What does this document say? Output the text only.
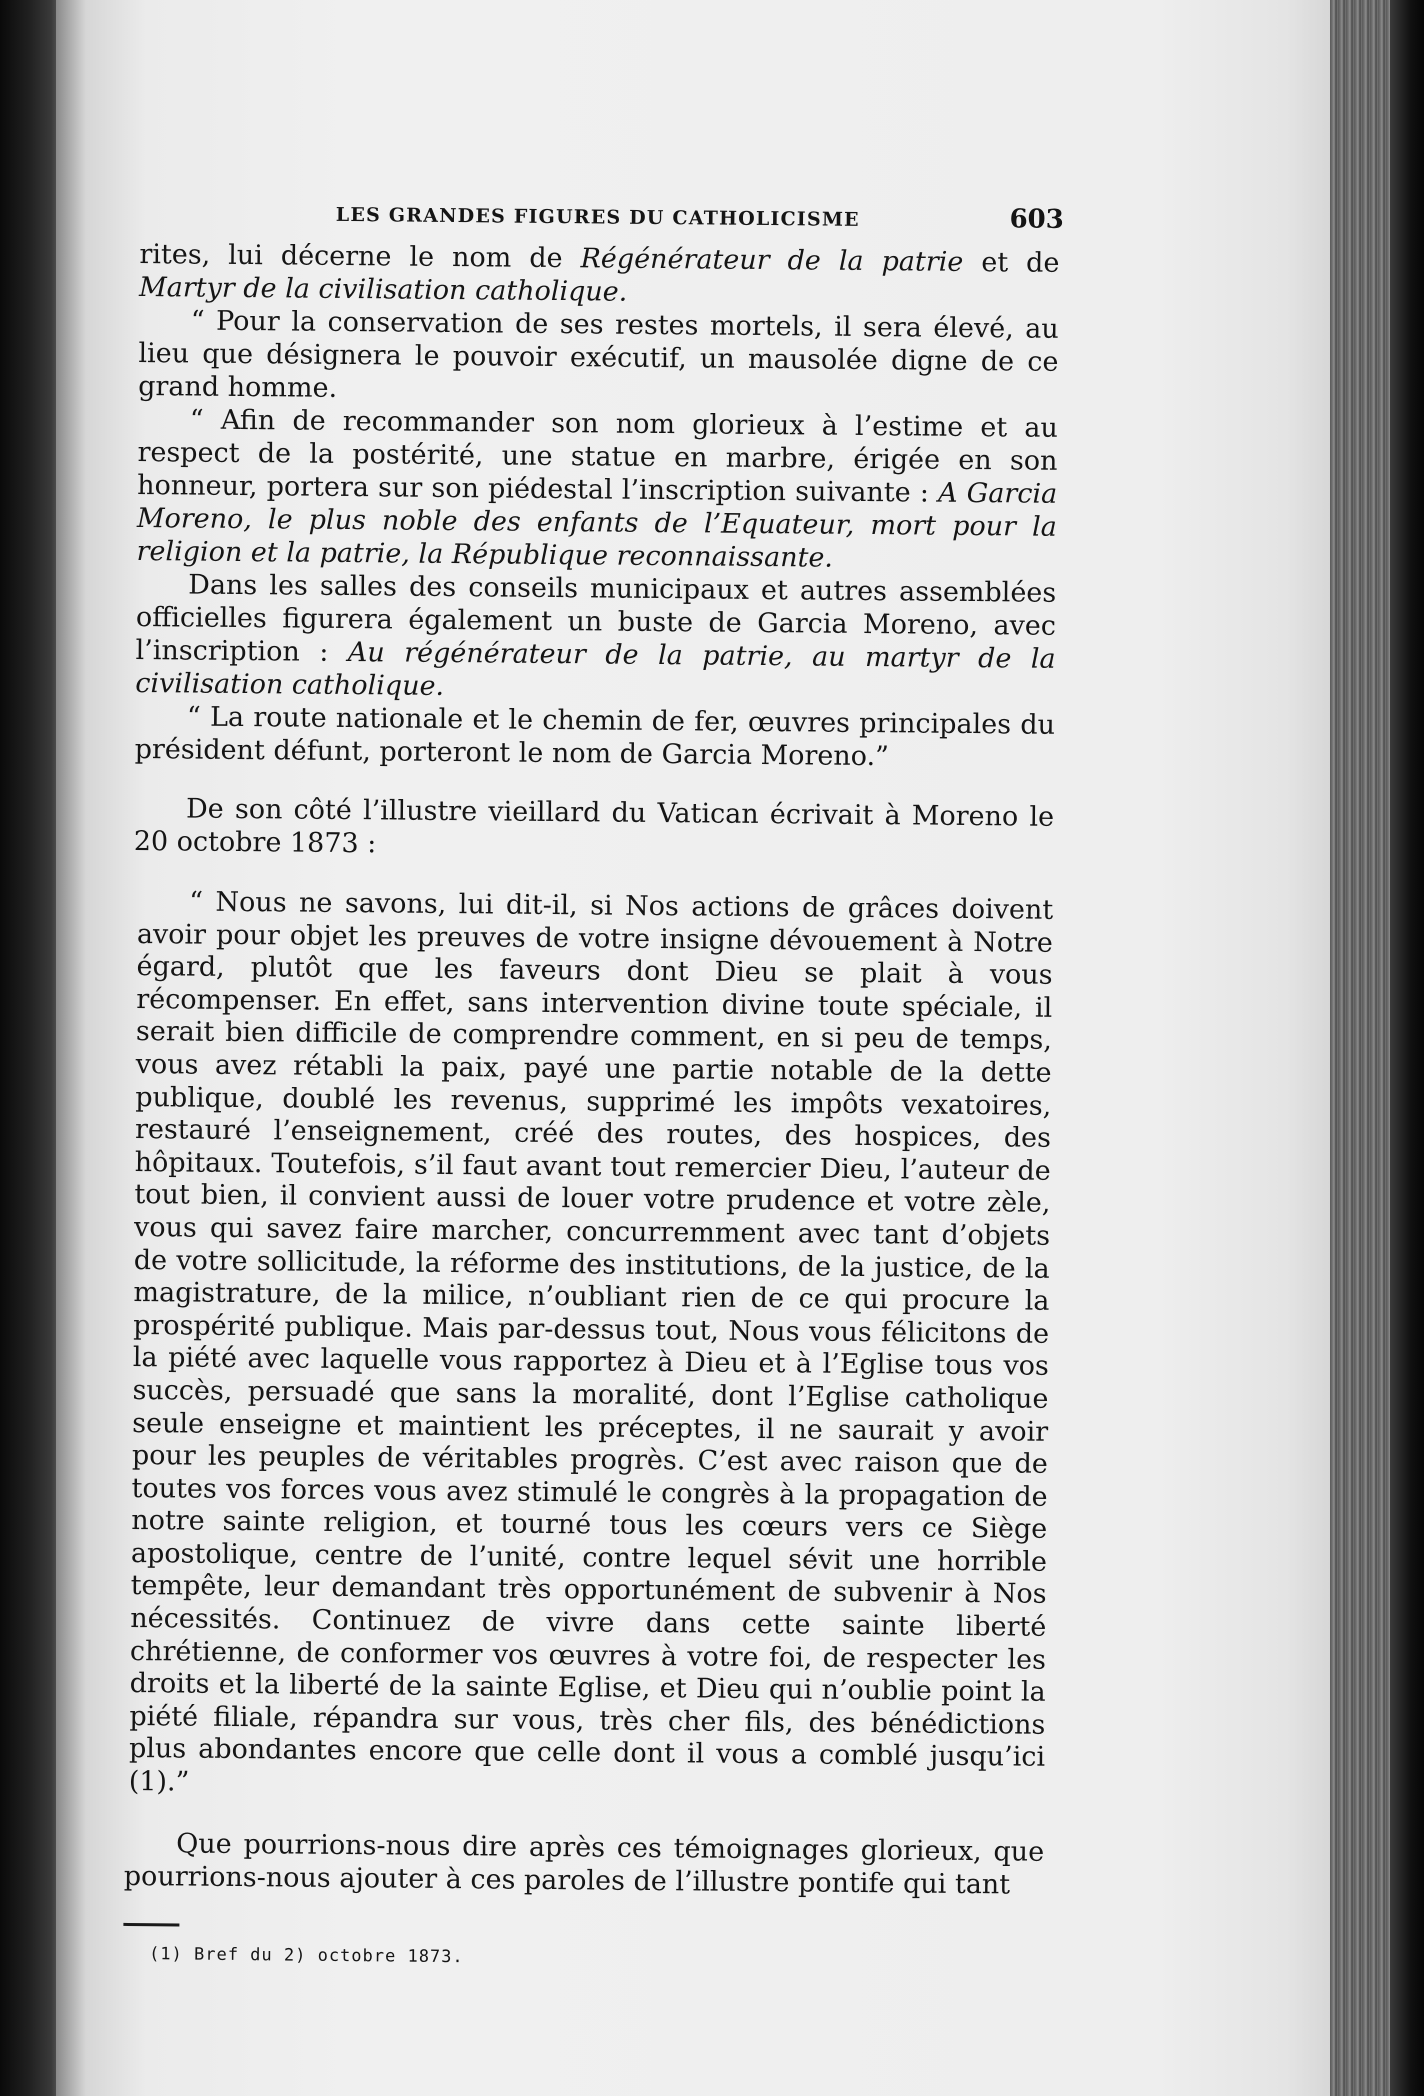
LES GRANDES FIGURES DU CATHOLICISME	603

rites, lui décerne le nom de Régénérateur de la patrie et de Martyr de la civilisation catholique.

“ Pour la conservation de ses restes mortels, il sera élevé, au lieu que désignera le pouvoir exécutif, un mausolée digne de ce grand homme.

“ Afin de recommander son nom glorieux à l’estime et au respect de la postérité, une statue en marbre, érigée en son honneur, portera sur son piédestal l’inscription suivante : A Garcia Moreno, le plus noble des enfants de l’Equateur, mort pour la religion et la patrie, la République reconnaissante.

Dans les salles des conseils municipaux et autres assemblées officielles figurera également un buste de Garcia Moreno, avec l’inscription : Au régénérateur de la patrie, au martyr de la civilisation catholique.

“ La route nationale et le chemin de fer, œuvres principales du président défunt, porteront le nom de Garcia Moreno.”

De son côté l’illustre vieillard du Vatican écrivait à Moreno le 20 octobre 1873 :

“ Nous ne savons, lui dit-il, si Nos actions de grâces doivent avoir pour objet les preuves de votre insigne dévouement à Notre égard, plutôt que les faveurs dont Dieu se plait à vous récompenser. En effet, sans intervention divine toute spéciale, il serait bien difficile de comprendre comment, en si peu de temps, vous avez rétabli la paix, payé une partie notable de la dette publique, doublé les revenus, supprimé les impôts vexatoires, restauré l’enseignement, créé des routes, des hospices, des hôpitaux. Toutefois, s’il faut avant tout remercier Dieu, l’auteur de tout bien, il convient aussi de louer votre prudence et votre zèle, vous qui savez faire marcher, concurremment avec tant d’objets de votre sollicitude, la réforme des institutions, de la justice, de la magistrature, de la milice, n’oubliant rien de ce qui procure la prospérité publique. Mais par-dessus tout, Nous vous félicitons de la piété avec laquelle vous rapportez à Dieu et à l’Eglise tous vos succès, persuadé que sans la moralité, dont l’Eglise catholique seule enseigne et maintient les préceptes, il ne saurait y avoir pour les peuples de véritables progrès. C’est avec raison que de toutes vos forces vous avez stimulé le congrès à la propagation de notre sainte religion, et tourné tous les cœurs vers ce Siège apostolique, centre de l’unité, contre lequel sévit une horrible tempête, leur demandant très opportunément de subvenir à Nos nécessités. Continuez de vivre dans cette sainte liberté chrétienne, de conformer vos œuvres à votre foi, de respecter les droits et la liberté de la sainte Eglise, et Dieu qui n’oublie point la piété filiale, répandra sur vous, très cher fils, des bénédictions plus abondantes encore que celle dont il vous a comblé jusqu’ici (1).”

Que pourrions-nous dire après ces témoignages glorieux, que pourrions-nous ajouter à ces paroles de l’illustre pontife qui tant

(1) Bref du 2) octobre 1873.
